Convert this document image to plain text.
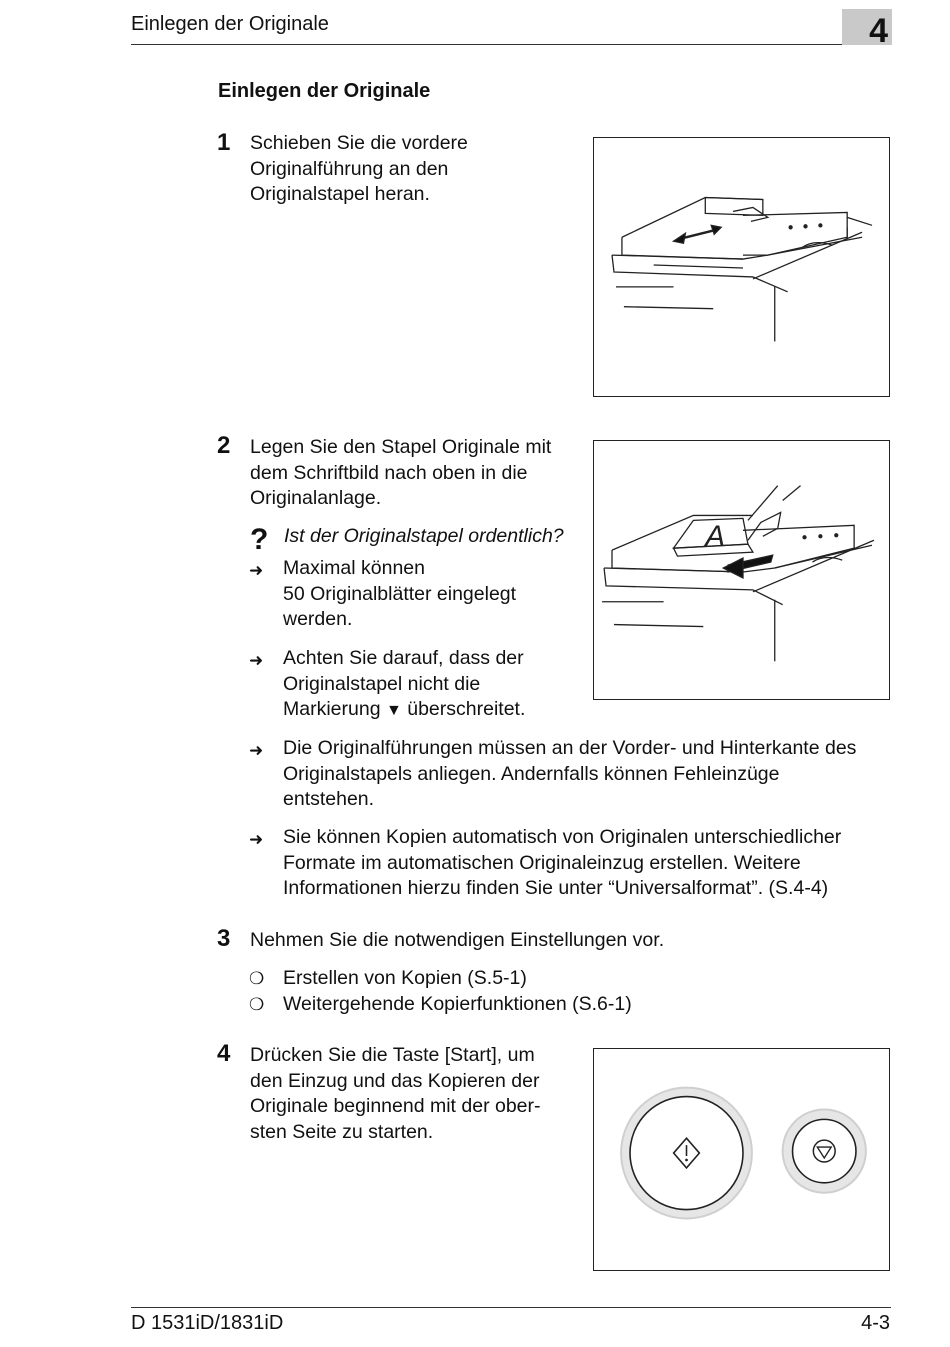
Einlegen der Originale	4
Einlegen der Originale
1 Schieben Sie die vordere
Originalführung an den
Originalstapel heran.
2 Legen Sie den Stapel Originale mit
dem Schriftbild nach oben in die
Originalanlage.
A
? Ist der Originalstapel ordentlich?
➜ Maximal können
50 Originalblätter eingelegt
werden.
➜ Achten Sie darauf, dass der
Originalstapel nicht die
Markierung ▼ überschreitet.
➜ Die Originalführungen müssen an der Vorder- und Hinterkante des
Originalstapels anliegen. Andernfalls können Fehleinzüge
entstehen.
➜ Sie können Kopien automatisch von Originalen unterschiedlicher
Formate im automatischen Originaleinzug erstellen. Weitere
Informationen hierzu finden Sie unter “Universalformat”. (S.4-4)
3 Nehmen Sie die notwendigen Einstellungen vor.
❍ Erstellen von Kopien (S.5-1)
❍ Weitergehende Kopierfunktionen (S.6-1)
4 Drücken Sie die Taste [Start], um
den Einzug und das Kopieren der
Originale beginnend mit der ober-
sten Seite zu starten.
D 1531iD/1831iD	4-3
